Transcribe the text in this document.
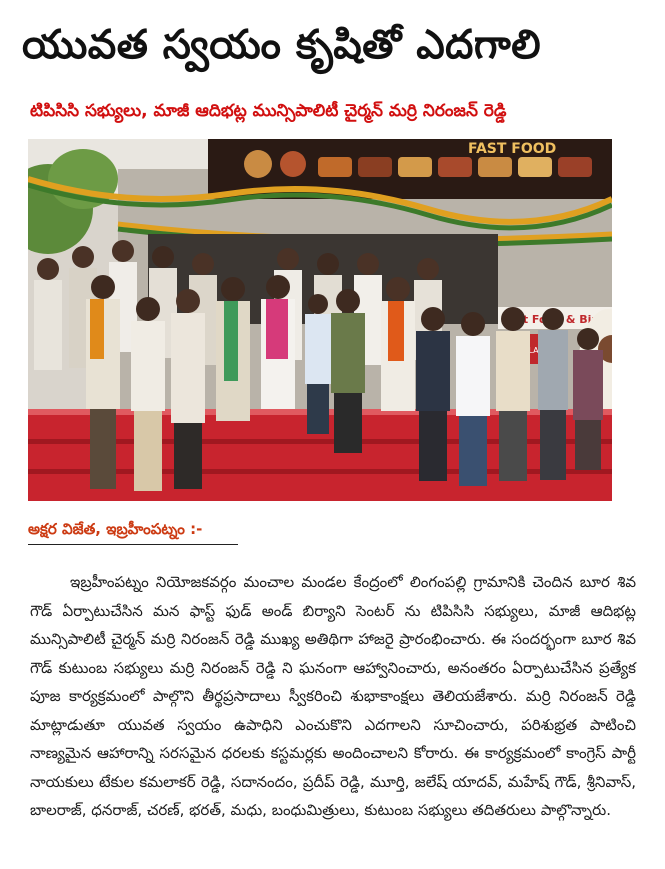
యువత స్వయం కృషితో ఎదగాలి
టిపిసిసి సభ్యులు, మాజీ ఆదిభట్ల మున్సిపాలిటీ చైర్మన్ మర్రి నిరంజన్ రెడ్డి
FAST FOOD
&
BALAJI
అక్షర విజేత, ఇబ్రహీంపట్నం :-
ఇబ్రహీంపట్నం నియోజకవర్గం మంచాల మండల కేంద్రంలో లింగంపల్లి గ్రామానికి చెందిన బూర శివ గౌడ్ ఏర్పాటుచేసిన మన ఫాస్ట్ ఫుడ్ అండ్ బిర్యాని సెంటర్ ను టిపిసిసి సభ్యులు, మాజీ ఆదిభట్ల మున్సిపాలిటీ చైర్మన్ మర్రి నిరంజన్ రెడ్డి ముఖ్య అతిథిగా హాజరై ప్రారంభించారు. ఈ సందర్భంగా బూర శివ గౌడ్ కుటుంబ సభ్యులు మర్రి నిరంజన్ రెడ్డి ని ఘనంగా ఆహ్వానించారు, అనంతరం ఏర్పాటుచేసిన ప్రత్యేక పూజ కార్యక్రమంలో పాల్గొని తీర్థప్రసాదాలు స్వీకరించి శుభాకాంక్షలు తెలియజేశారు. మర్రి నిరంజన్ రెడ్డి మాట్లాడుతూ యువత స్వయం ఉపాధిని ఎంచుకొని ఎదగాలని సూచించారు, పరిశుభ్రత పాటించి నాణ్యమైన ఆహారాన్ని సరసమైన ధరలకు కస్టమర్లకు అందించాలని కోరారు. ఈ కార్యక్రమంలో కాంగ్రెస్ పార్టీ నాయకులు టేకుల కమలాకర్ రెడ్డి, సదానందం, ప్రదీప్ రెడ్డి, మూర్తి, జలేష్ యాదవ్, మహేష్ గౌడ్, శ్రీనివాస్, బాలరాజ్, ధనరాజ్, చరణ్, భరత్, మధు, బంధుమిత్రులు, కుటుంబ సభ్యులు తదితరులు పాల్గొన్నారు.
